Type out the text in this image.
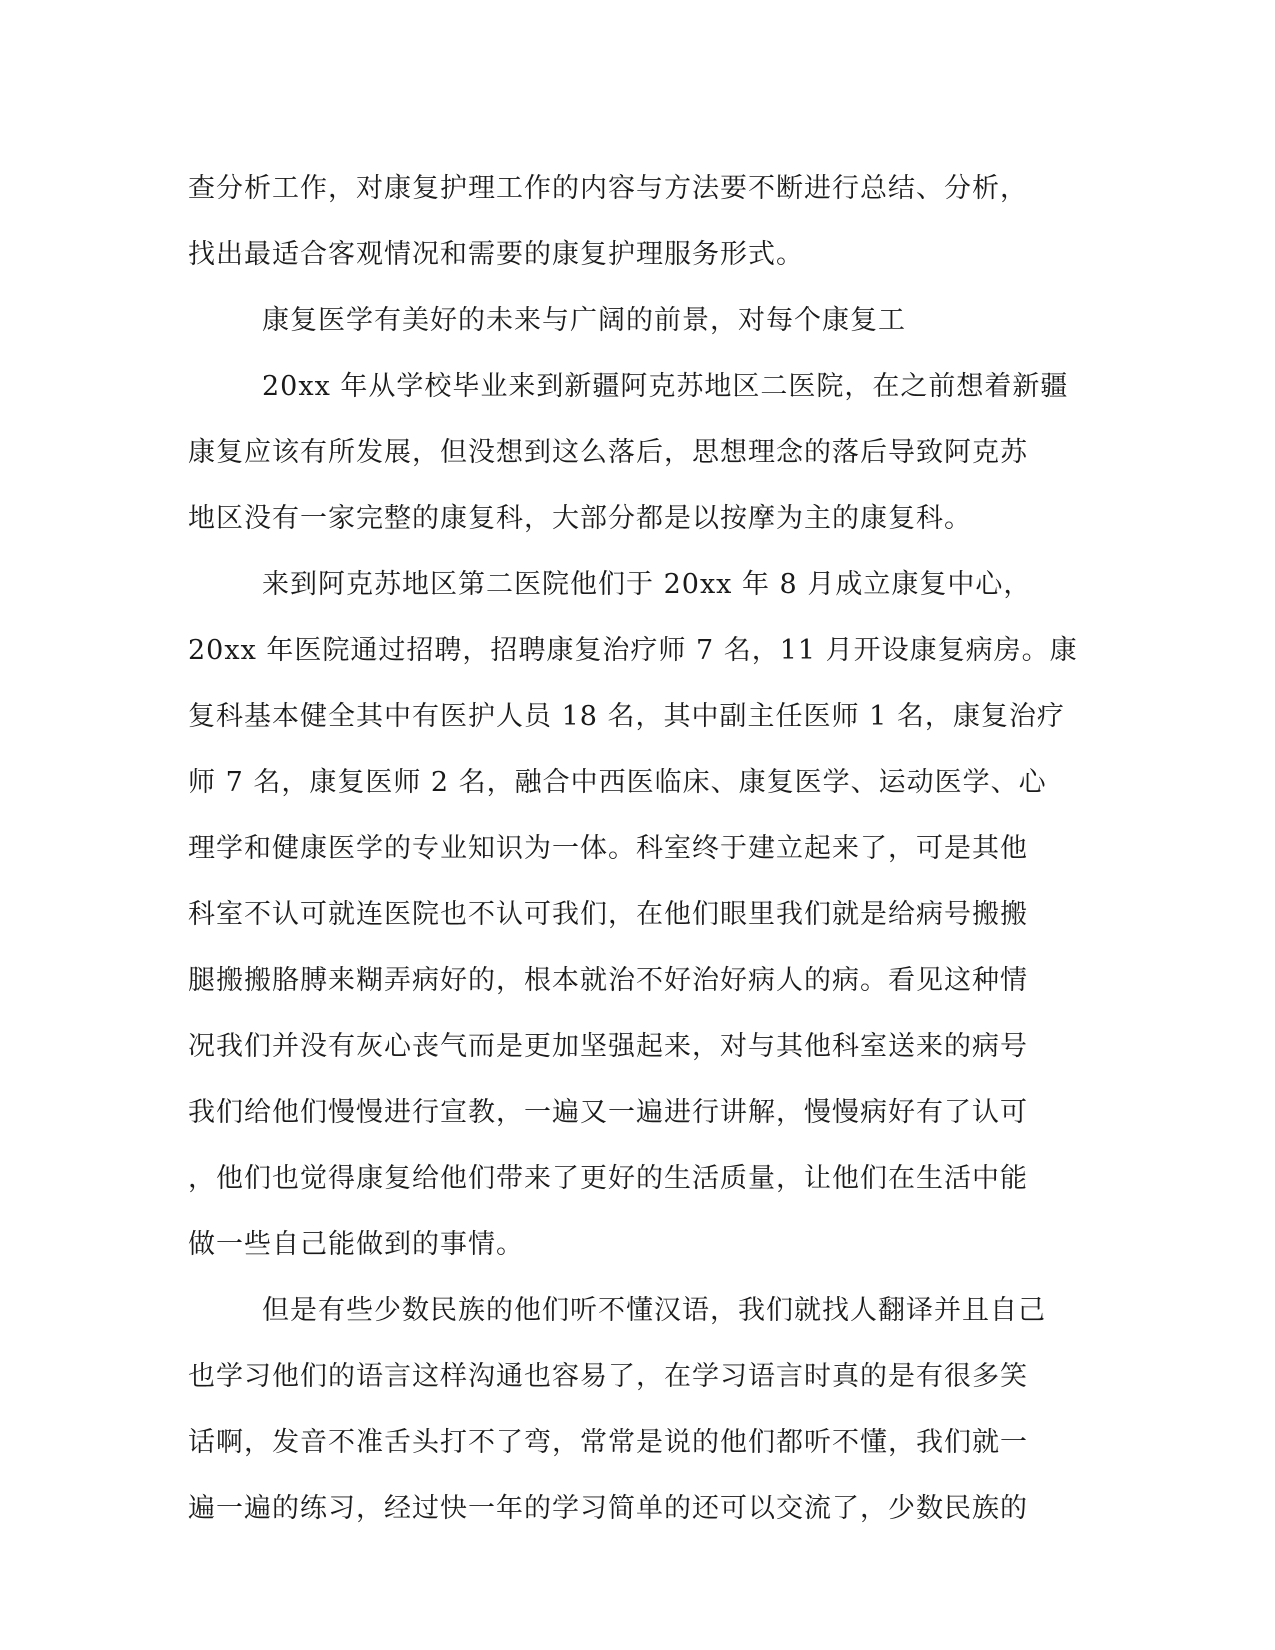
查分析工作，对康复护理工作的内容与方法要不断进行总结、分析，
找出最适合客观情况和需要的康复护理服务形式。
康复医学有美好的未来与广阔的前景，对每个康复工
20xx 年从学校毕业来到新疆阿克苏地区二医院，在之前想着新疆
康复应该有所发展，但没想到这么落后，思想理念的落后导致阿克苏
地区没有一家完整的康复科，大部分都是以按摩为主的康复科。
来到阿克苏地区第二医院他们于 20xx 年 8 月成立康复中心，
20xx 年医院通过招聘，招聘康复治疗师 7 名，11 月开设康复病房。康
复科基本健全其中有医护人员 18 名，其中副主任医师 1 名，康复治疗
师 7 名，康复医师 2 名，融合中西医临床、康复医学、运动医学、心
理学和健康医学的专业知识为一体。科室终于建立起来了，可是其他
科室不认可就连医院也不认可我们，在他们眼里我们就是给病号搬搬
腿搬搬胳膊来糊弄病好的，根本就治不好治好病人的病。看见这种情
况我们并没有灰心丧气而是更加坚强起来，对与其他科室送来的病号
我们给他们慢慢进行宣教，一遍又一遍进行讲解，慢慢病好有了认可
，他们也觉得康复给他们带来了更好的生活质量，让他们在生活中能
做一些自己能做到的事情。
但是有些少数民族的他们听不懂汉语，我们就找人翻译并且自己
也学习他们的语言这样沟通也容易了，在学习语言时真的是有很多笑
话啊，发音不准舌头打不了弯，常常是说的他们都听不懂，我们就一
遍一遍的练习，经过快一年的学习简单的还可以交流了，少数民族的
